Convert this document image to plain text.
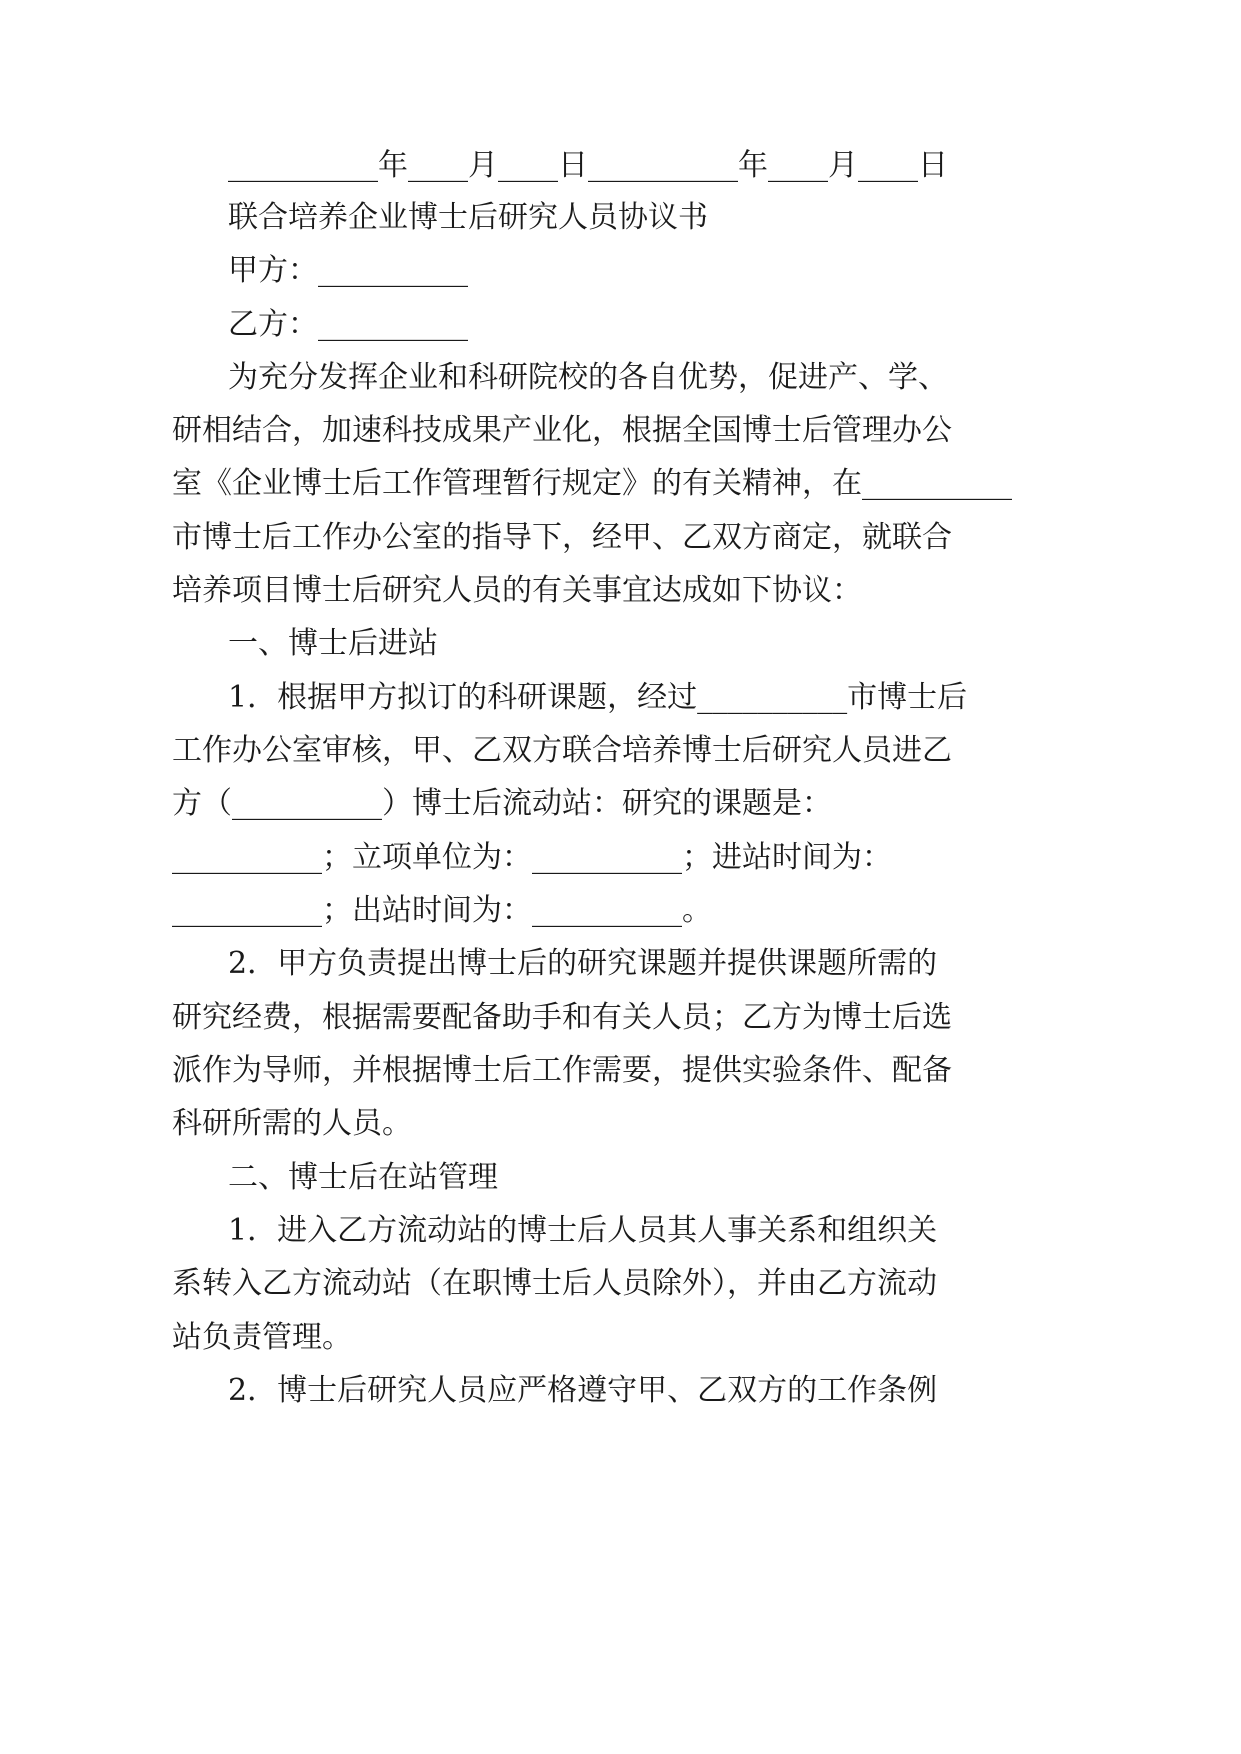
__________年____月____日__________年____月____日
联合培养企业博士后研究人员协议书
甲方：__________
乙方：__________
为充分发挥企业和科研院校的各自优势，促进产、学、
研相结合，加速科技成果产业化，根据全国博士后管理办公
室《企业博士后工作管理暂行规定》的有关精神，在__________
市博士后工作办公室的指导下，经甲、乙双方商定，就联合
培养项目博士后研究人员的有关事宜达成如下协议：
一、博士后进站
1．根据甲方拟订的科研课题，经过__________市博士后
工作办公室审核，甲、乙双方联合培养博士后研究人员进乙
方（__________）博士后流动站：研究的课题是：
__________；立项单位为：__________；进站时间为：
__________；出站时间为：__________。
2．甲方负责提出博士后的研究课题并提供课题所需的
研究经费，根据需要配备助手和有关人员；乙方为博士后选
派作为导师，并根据博士后工作需要，提供实验条件、配备
科研所需的人员。
二、博士后在站管理
1．进入乙方流动站的博士后人员其人事关系和组织关
系转入乙方流动站（在职博士后人员除外），并由乙方流动
站负责管理。
2．博士后研究人员应严格遵守甲、乙双方的工作条例
